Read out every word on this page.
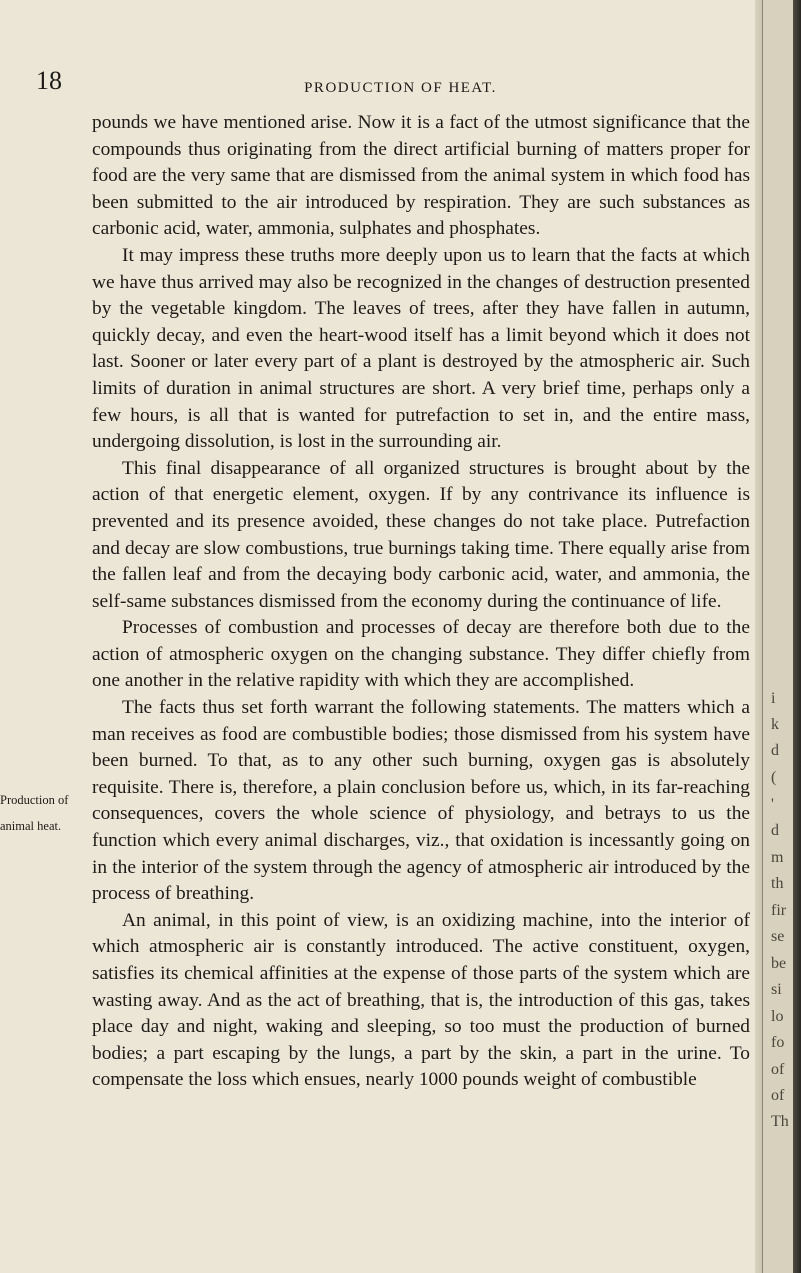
18	PRODUCTION OF HEAT.
Production of
animal heat.

pounds we have mentioned arise. Now it is a fact of the utmost significance that the compounds thus originating from the direct artificial burning of matters proper for food are the very same that are dismissed from the animal system in which food has been submitted to the air introduced by respiration. They are such substances as carbonic acid, water, ammonia, sulphates and phosphates.

It may impress these truths more deeply upon us to learn that the facts at which we have thus arrived may also be recognized in the changes of destruction presented by the vegetable kingdom. The leaves of trees, after they have fallen in autumn, quickly decay, and even the heart-wood itself has a limit beyond which it does not last. Sooner or later every part of a plant is destroyed by the atmospheric air. Such limits of duration in animal structures are short. A very brief time, perhaps only a few hours, is all that is wanted for putrefaction to set in, and the entire mass, undergoing dissolution, is lost in the surrounding air.

This final disappearance of all organized structures is brought about by the action of that energetic element, oxygen. If by any contrivance its influence is prevented and its presence avoided, these changes do not take place. Putrefaction and decay are slow combustions, true burnings taking time. There equally arise from the fallen leaf and from the decaying body carbonic acid, water, and ammonia, the self-same substances dismissed from the economy during the continuance of life.

Processes of combustion and processes of decay are therefore both due to the action of atmospheric oxygen on the changing substance. They differ chiefly from one another in the relative rapidity with which they are accomplished.

The facts thus set forth warrant the following statements. The matters which a man receives as food are combustible bodies; those dismissed from his system have been burned. To that, as to any other such burning, oxygen gas is absolutely requisite. There is, therefore, a plain conclusion before us, which, in its far-reaching consequences, covers the whole science of physiology, and betrays to us the function which every animal discharges, viz., that oxidation is incessantly going on in the interior of the system through the agency of atmospheric air introduced by the process of breathing.

An animal, in this point of view, is an oxidizing machine, into the interior of which atmospheric air is constantly introduced. The active constituent, oxygen, satisfies its chemical affinities at the expense of those parts of the system which are wasting away. And as the act of breathing, that is, the introduction of this gas, takes place day and night, waking and sleeping, so too must the production of burned bodies; a part escaping by the lungs, a part by the skin, a part in the urine. To compensate the loss which ensues, nearly 1000 pounds weight of combustible

i
k
d
(
'
d
m
th
fir
se
be
si
lo
fo
of
of
Th
